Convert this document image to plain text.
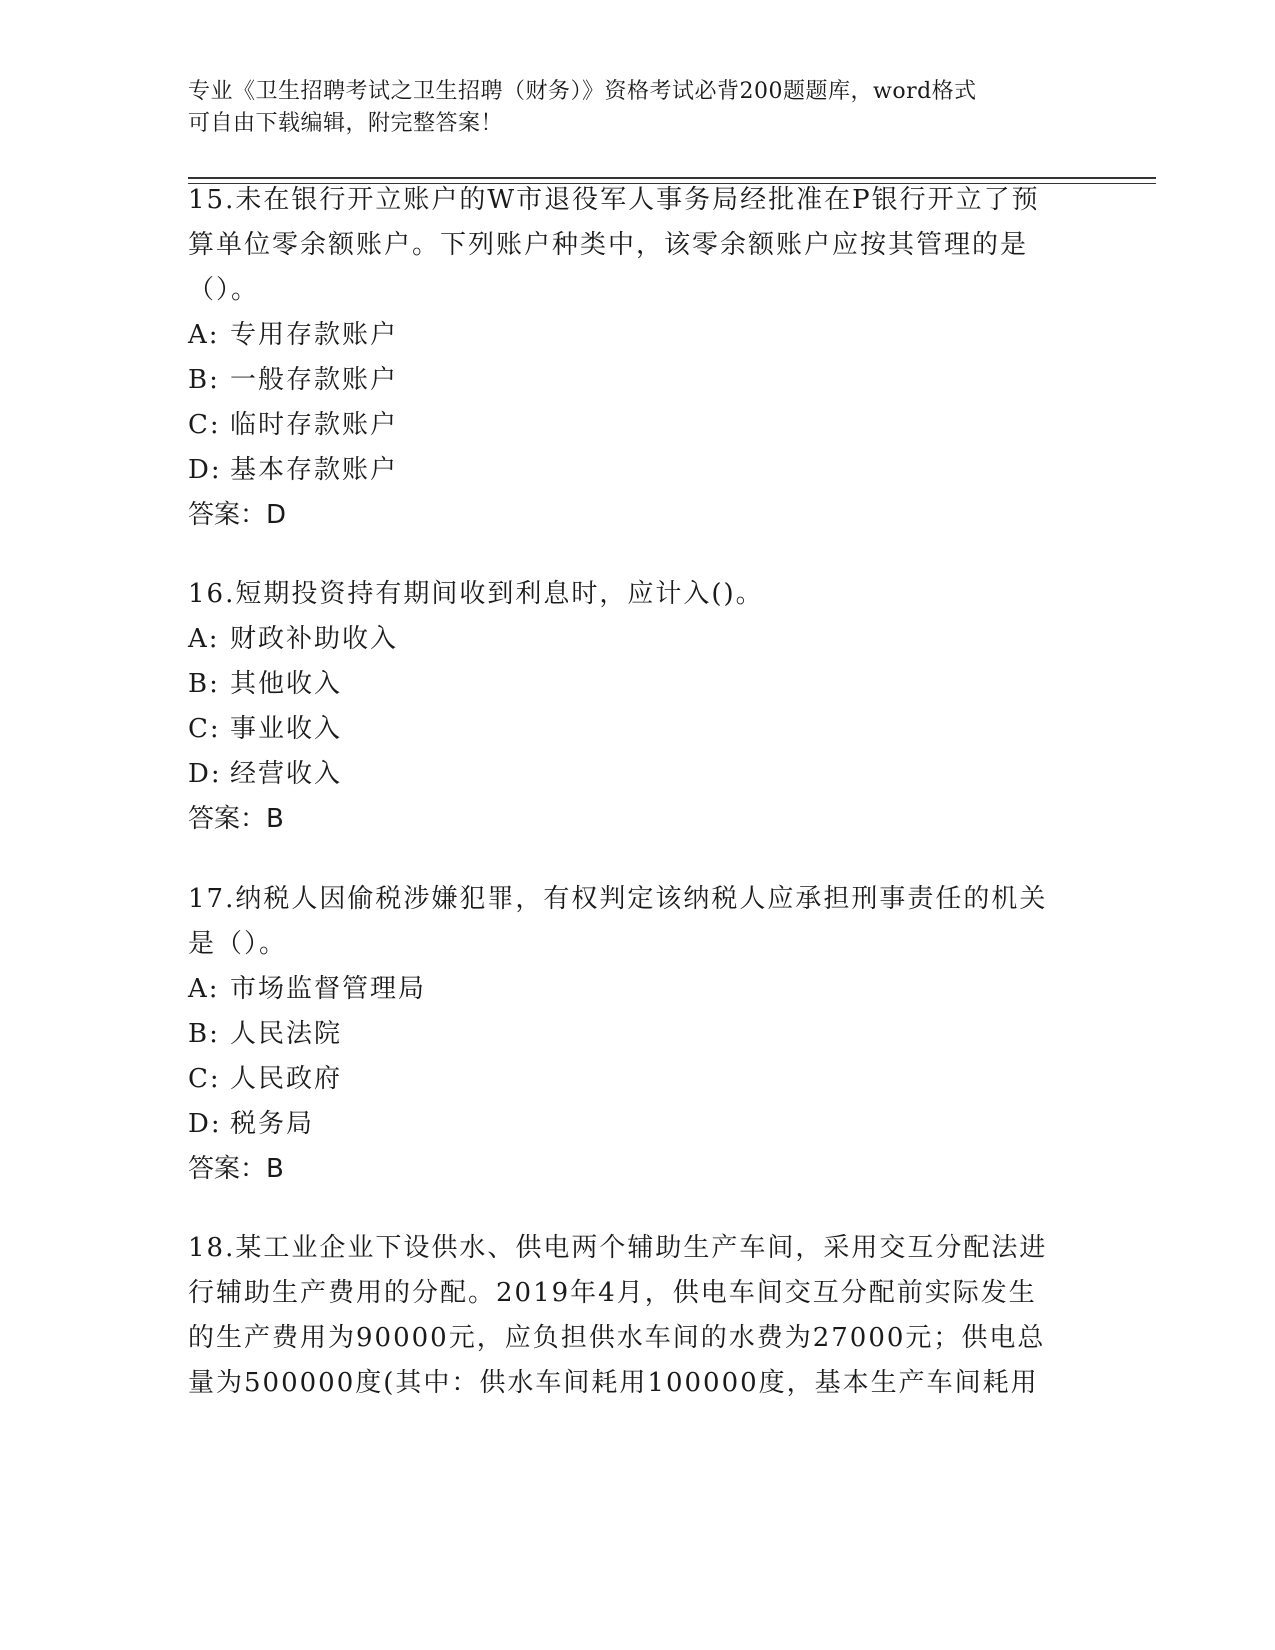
专业《卫生招聘考试之卫生招聘（财务）》资格考试必背200题题库，word格式
可自由下载编辑，附完整答案！
15.未在银行开立账户的W市退役军人事务局经批准在P银行开立了预
算单位零余额账户。下列账户种类中，该零余额账户应按其管理的是
（）。
A: 专用存款账户
B: 一般存款账户
C: 临时存款账户
D: 基本存款账户
答案：D
16.短期投资持有期间收到利息时，应计入()。
A: 财政补助收入
B: 其他收入
C: 事业收入
D: 经营收入
答案：B
17.纳税人因偷税涉嫌犯罪，有权判定该纳税人应承担刑事责任的机关
是（）。
A: 市场监督管理局
B: 人民法院
C: 人民政府
D: 税务局
答案：B
18.某工业企业下设供水、供电两个辅助生产车间，采用交互分配法进
行辅助生产费用的分配。2019年4月，供电车间交互分配前实际发生
的生产费用为90000元，应负担供水车间的水费为27000元；供电总
量为500000度(其中：供水车间耗用100000度，基本生产车间耗用
